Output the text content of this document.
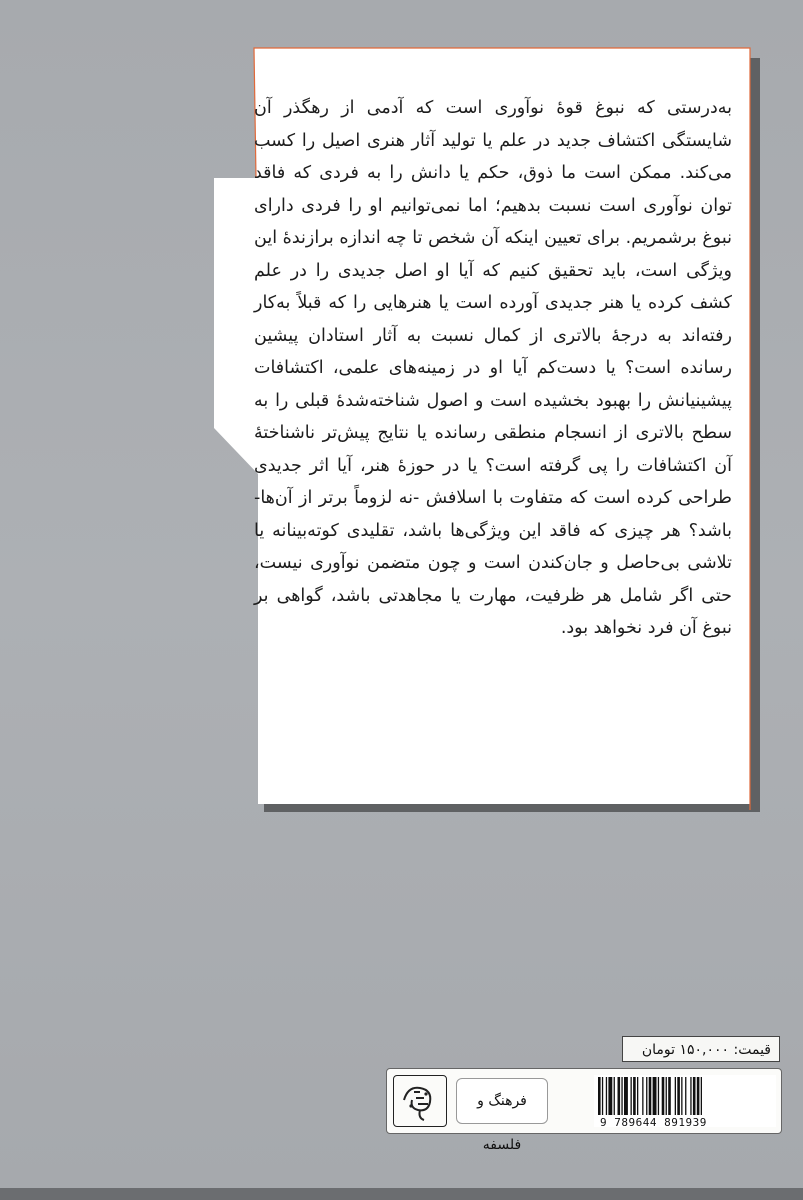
به‌درستی که نبوغ قوهٔ نوآوری است که آدمی از رهگذر آن شایستگی اکتشاف جدید در علم یا تولید آثار هنری اصیل را کسب می‌کند. ممکن است ما ذوق، حکم یا دانش را به فردی که فاقد توان نوآوری است نسبت بدهیم؛ اما نمی‌توانیم او را فردی دارای نبوغ برشمریم. برای تعیین اینکه آن شخص تا چه اندازه برازندهٔ این ویژگی است، باید تحقیق کنیم که آیا او اصل جدیدی را در علم کشف کرده یا هنر جدیدی آورده است یا هنرهایی را که قبلاً به‌کار رفته‌اند به درجهٔ بالاتری از کمال نسبت به آثار استادان پیشین رسانده است؟ یا دست‌کم آیا او در زمینه‌های علمی، اکتشافات پیشینیانش را بهبود بخشیده است و اصول شناخته‌شدهٔ قبلی را به سطح بالاتری از انسجام منطقی رسانده یا نتایج پیش‌تر ناشناختهٔ آن اکتشافات را پی گرفته است؟ یا در حوزهٔ هنر، آیا اثر جدیدی طراحی کرده است که متفاوت با اسلافش -نه لزوماً برتر از آن‌ها- باشد؟ هر چیزی که فاقد این ویژگی‌ها باشد، تقلیدی کوته‌بینانه یا تلاشی بی‌حاصل و جان‌کندن است و چون متضمن نوآوری نیست، حتی اگر شامل هر ظرفیت، مهارت یا مجاهدتی باشد، گواهی بر نبوغ آن فرد نخواهد بود.

قیمت: ۱۵۰,۰۰۰ تومان
فرهنگ و فلسفه
9 789644 891939
